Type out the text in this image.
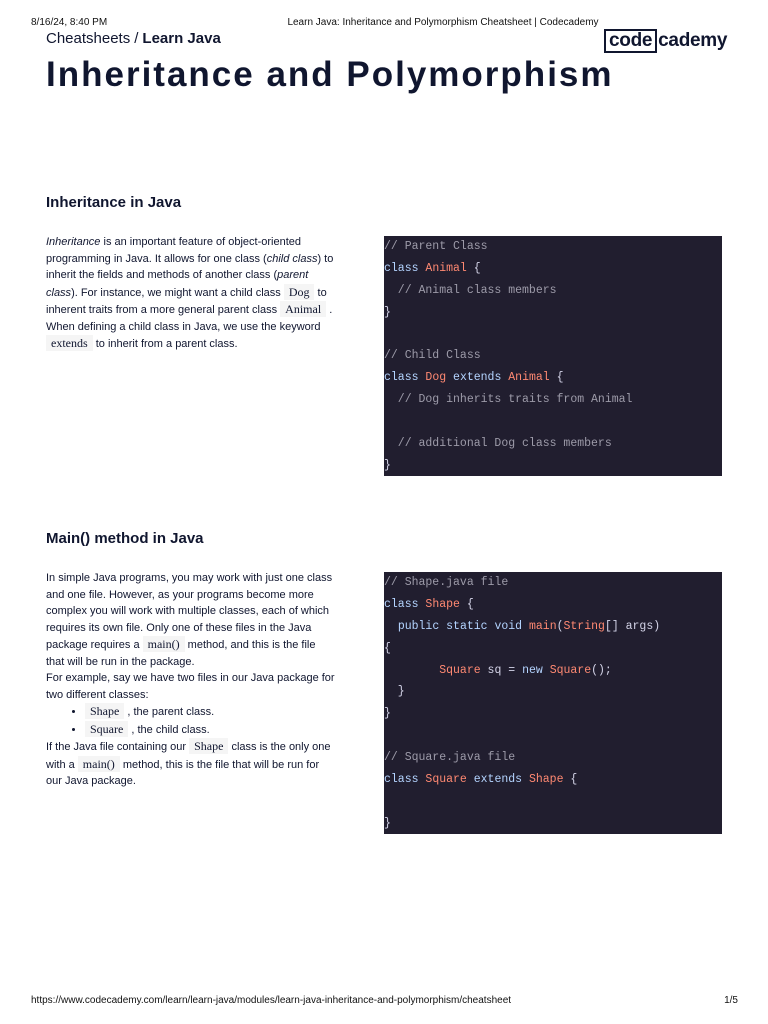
8/16/24, 8:40 PM	Learn Java: Inheritance and Polymorphism Cheatsheet | Codecademy
Cheatsheets / Learn Java	code cademy
Inheritance and Polymorphism
Inheritance in Java

Inheritance is an important feature of object-oriented programming in Java. It allows for one class (child class) to inherit the fields and methods of another class (parent class). For instance, we might want a child class Dog to inherent traits from a more general parent class Animal .

When defining a child class in Java, we use the keyword extends to inherit from a parent class.

// Parent Class
class Animal {
// Animal class members
}
// Child Class
class Dog extends Animal {
// Dog inherits traits from Animal
// additional Dog class members
}
Main() method in Java

In simple Java programs, you may work with just one class and one file. However, as your programs become more complex you will work with multiple classes, each of which requires its own file. Only one of these files in the Java package requires a main() method, and this is the file that will be run in the package.

For example, say we have two files in our Java package for two different classes:

• Shape , the parent class.
• Square , the child class.

If the Java file containing our Shape class is the only one with a main() method, this is the file that will be run for our Java package.

// Shape.java file
class Shape {
public static void main(String[] args)
{
Square sq = new Square();
}
}
// Square.java file
class Square extends Shape {
}
https://www.codecademy.com/learn/learn-java/modules/learn-java-inheritance-and-polymorphism/cheatsheet	1/5
